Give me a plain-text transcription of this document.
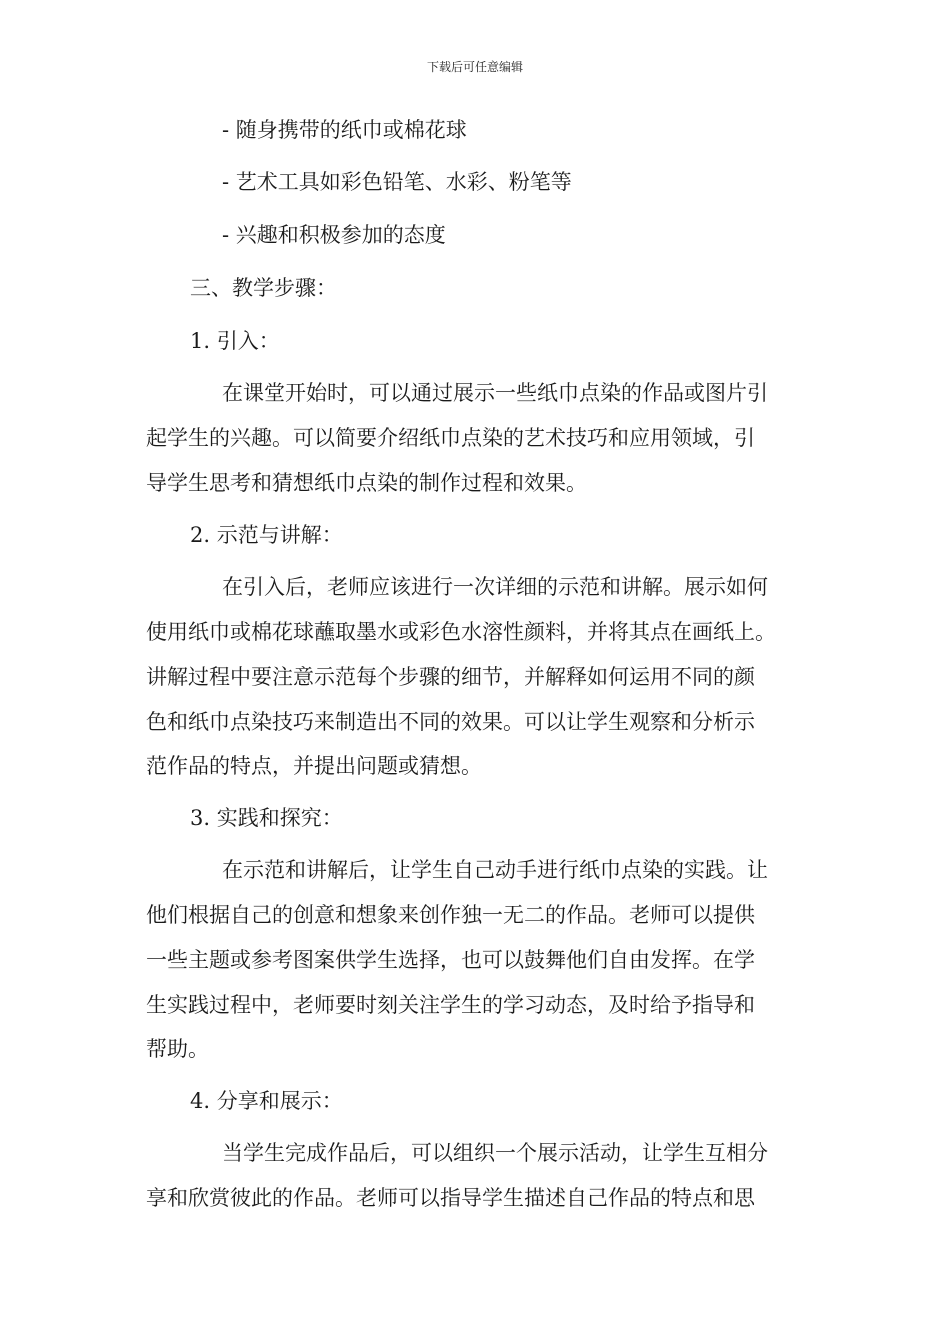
下载后可任意编辑
- 随身携带的纸巾或棉花球
- 艺术工具如彩色铅笔、水彩、粉笔等
- 兴趣和积极参加的态度
三、教学步骤：
1. 引入：
在课堂开始时，可以通过展示一些纸巾点染的作品或图片引
起学生的兴趣。可以简要介绍纸巾点染的艺术技巧和应用领域，引
导学生思考和猜想纸巾点染的制作过程和效果。
2. 示范与讲解：
在引入后，老师应该进行一次详细的示范和讲解。展示如何
使用纸巾或棉花球蘸取墨水或彩色水溶性颜料，并将其点在画纸上。
讲解过程中要注意示范每个步骤的细节，并解释如何运用不同的颜
色和纸巾点染技巧来制造出不同的效果。可以让学生观察和分析示
范作品的特点，并提出问题或猜想。
3. 实践和探究：
在示范和讲解后，让学生自己动手进行纸巾点染的实践。让
他们根据自己的创意和想象来创作独一无二的作品。老师可以提供
一些主题或参考图案供学生选择，也可以鼓舞他们自由发挥。在学
生实践过程中，老师要时刻关注学生的学习动态，及时给予指导和
帮助。
4. 分享和展示：
当学生完成作品后，可以组织一个展示活动，让学生互相分
享和欣赏彼此的作品。老师可以指导学生描述自己作品的特点和思
